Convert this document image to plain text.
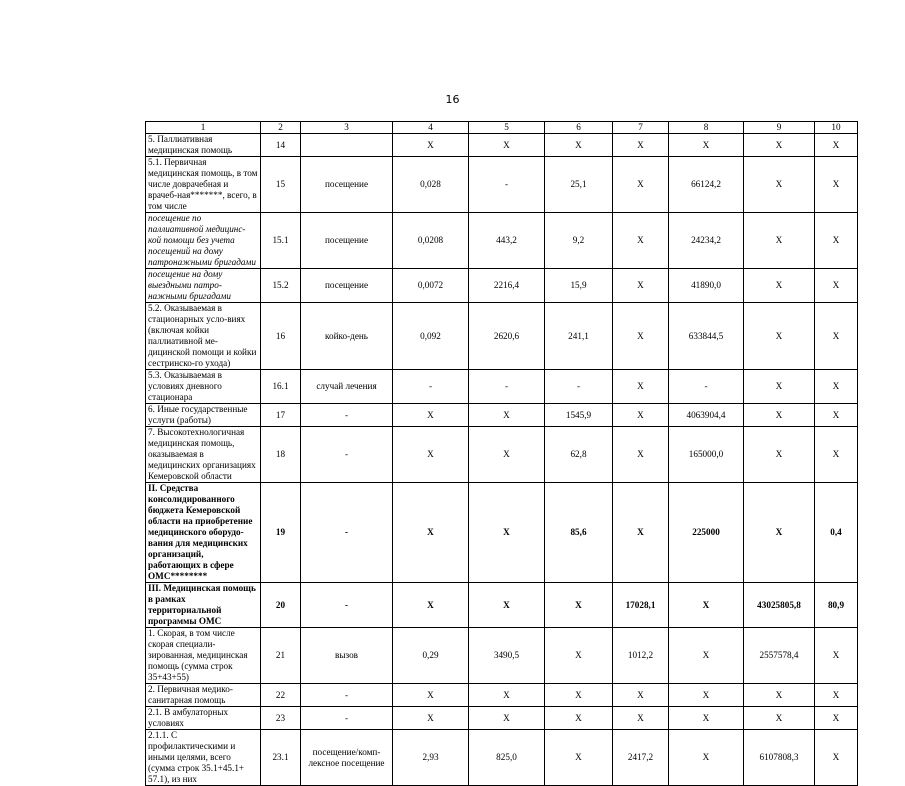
16
1	2	3	4	5	6	7	8	9	10
5. Паллиативная медицинская помощь	14		X	X	X	X	X	X	X
5.1. Первичная медицинская помощь, в том числе доврачебная и врачеб-ная*******, всего, в том числе	15	посещение	0,028	-	25,1	X	66124,2	X	X
посещение по паллиативной медицинс-кой помощи без учета посещений на дому патронажными бригадами	15.1	посещение	0,0208	443,2	9,2	X	24234,2	X	X
посещение на дому выездными патро-нажными бригадами	15.2	посещение	0,0072	2216,4	15,9	X	41890,0	X	X
5.2. Оказываемая в стационарных усло-виях (включая койки паллиативной ме-дицинской помощи и койки сестринско-го ухода)	16	койко-день	0,092	2620,6	241,1	X	633844,5	X	X
5.3. Оказываемая в условиях дневного стационара	16.1	случай лечения	-	-	-	X	-	X	X
6. Иные государственные услуги (работы)	17	-	X	X	1545,9	X	4063904,4	X	X
7. Высокотехнологичная медицинская помощь, оказываемая в медицинских организациях Кемеровской области	18	-	X	X	62,8	X	165000,0	X	X
II. Средства консолидированного бюджета Кемеровской области на приобретение медицинского оборудо-вания для медицинских организаций, работающих в сфере ОМС********	19	-	X	X	85,6	X	225000	X	0,4
III. Медицинская помощь в рамках территориальной программы ОМС	20	-	X	X	X	17028,1	X	43025805,8	80,9
1. Скорая, в том числе скорая специали-зированная, медицинская помощь (сумма строк 35+43+55)	21	вызов	0,29	3490,5	X	1012,2	X	2557578,4	X
2. Первичная медико-санитарная помощь	22	-	X	X	X	X	X	X	X
2.1. В амбулаторных условиях	23	-	X	X	X	X	X	X	X
2.1.1. С профилактическими и иными целями, всего (сумма строк 35.1+45.1+ 57.1), из них	23.1	посещение/комп-лексное посещение	2,93	825,0	X	2417,2	X	6107808,3	X
